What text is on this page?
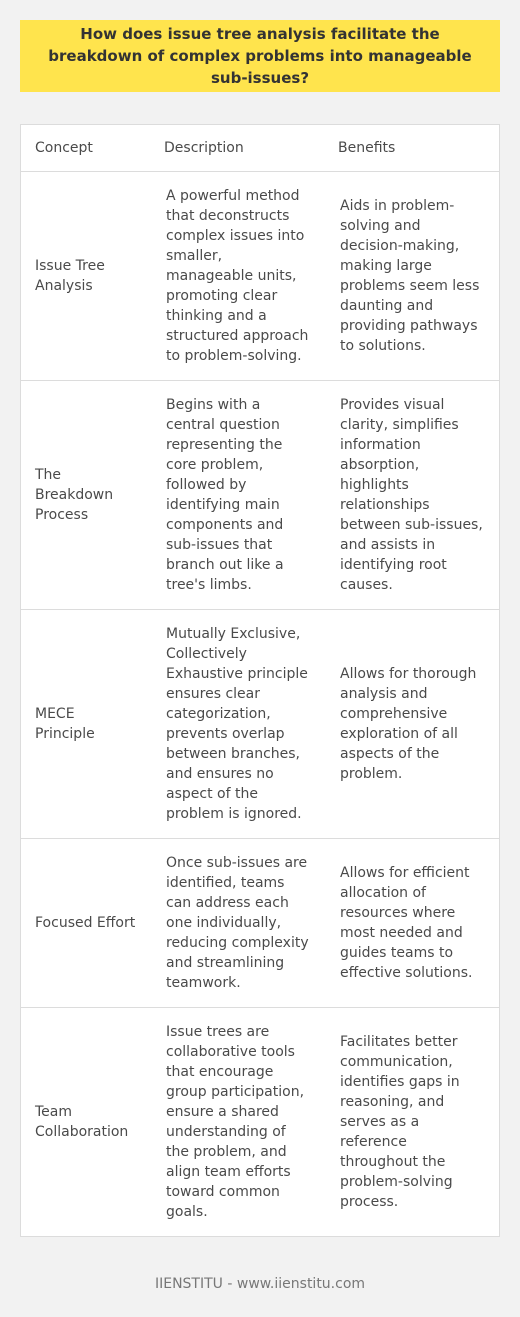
How does issue tree analysis facilitate the breakdown of complex problems into manageable sub-issues?
Concept	Description	Benefits
Issue Tree Analysis	A powerful method that deconstructs complex issues into smaller, manageable units, promoting clear thinking and a structured approach to problem-solving.	Aids in problem-solving and decision-making, making large problems seem less daunting and providing pathways to solutions.
The Breakdown Process	Begins with a central question representing the core problem, followed by identifying main components and sub-issues that branch out like a tree's limbs.	Provides visual clarity, simplifies information absorption, highlights relationships between sub-issues, and assists in identifying root causes.
MECE Principle	Mutually Exclusive, Collectively Exhaustive principle ensures clear categorization, prevents overlap between branches, and ensures no aspect of the problem is ignored.	Allows for thorough analysis and comprehensive exploration of all aspects of the problem.
Focused Effort	Once sub-issues are identified, teams can address each one individually, reducing complexity and streamlining teamwork.	Allows for efficient allocation of resources where most needed and guides teams to effective solutions.
Team Collaboration	Issue trees are collaborative tools that encourage group participation, ensure a shared understanding of the problem, and align team efforts toward common goals.	Facilitates better communication, identifies gaps in reasoning, and serves as a reference throughout the problem-solving process.
IIENSTITU - www.iienstitu.com
